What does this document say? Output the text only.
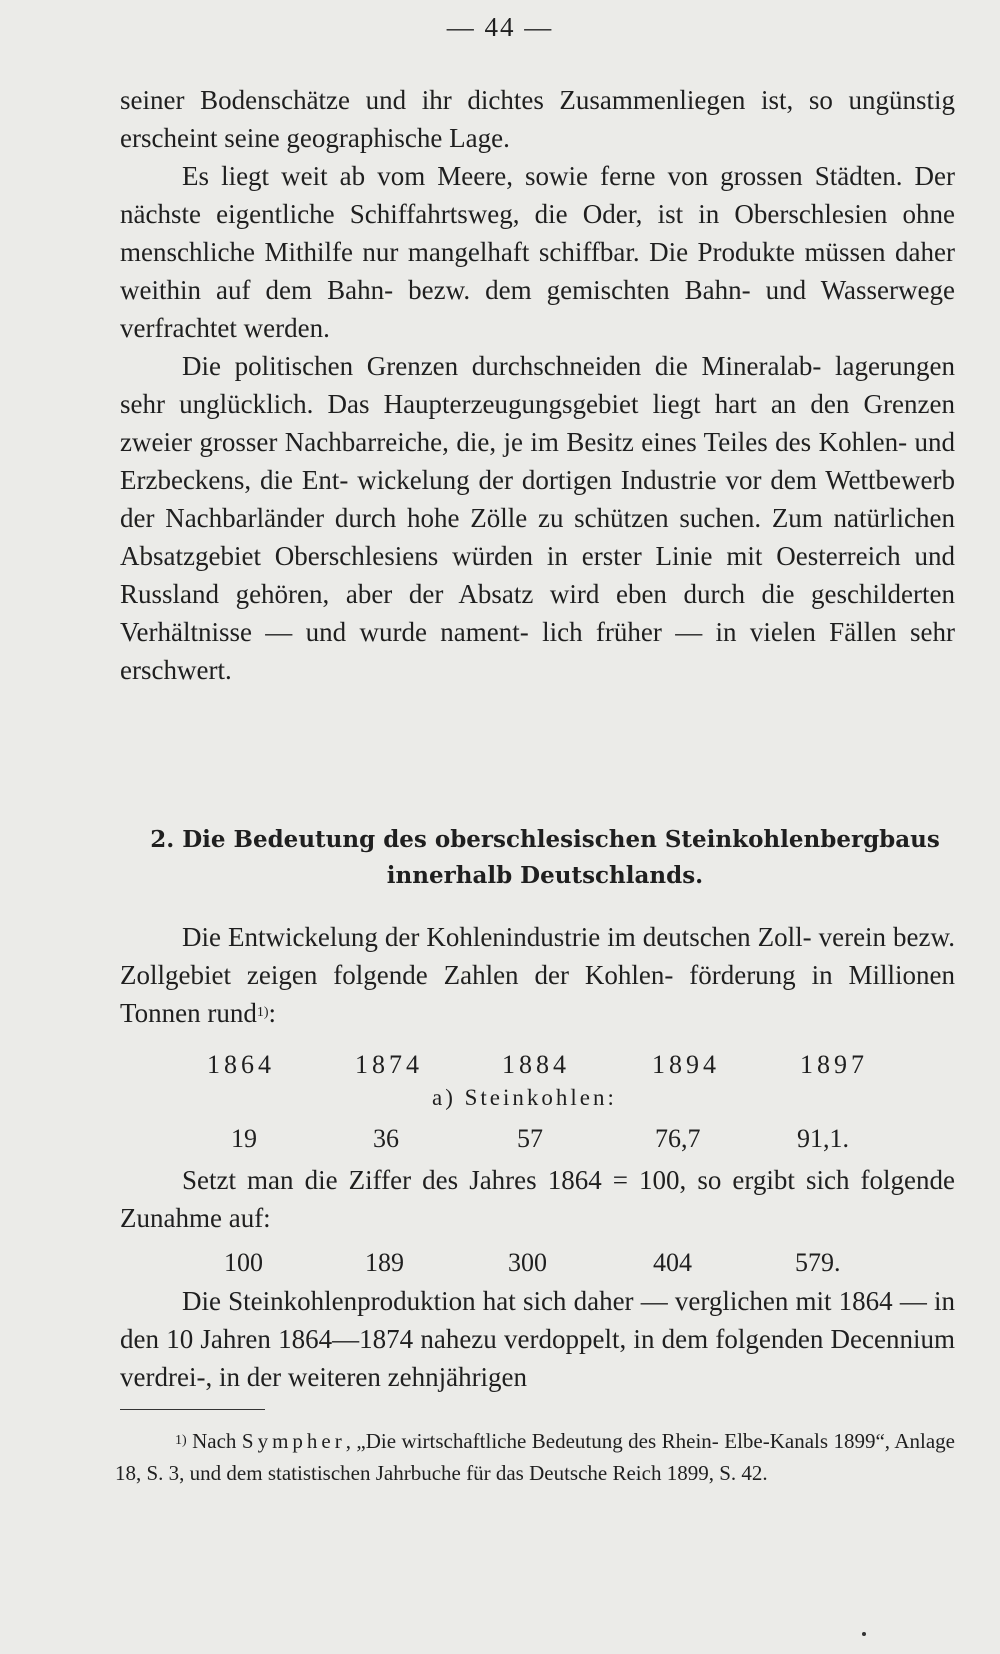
— 44 —

seiner Bodenschätze und ihr dichtes Zusammenliegen ist, so ungünstig erscheint seine geographische Lage.

Es liegt weit ab vom Meere, sowie ferne von grossen Städten. Der nächste eigentliche Schiffahrtsweg, die Oder, ist in Oberschlesien ohne menschliche Mithilfe nur mangelhaft schiffbar. Die Produkte müssen daher weithin auf dem Bahn- bezw. dem gemischten Bahn- und Wasserwege verfrachtet werden.

Die politischen Grenzen durchschneiden die Mineralab- lagerungen sehr unglücklich. Das Haupterzeugungsgebiet liegt hart an den Grenzen zweier grosser Nachbarreiche, die, je im Besitz eines Teiles des Kohlen- und Erzbeckens, die Ent- wickelung der dortigen Industrie vor dem Wettbewerb der Nachbarländer durch hohe Zölle zu schützen suchen. Zum natürlichen Absatzgebiet Oberschlesiens würden in erster Linie mit Oesterreich und Russland gehören, aber der Absatz wird eben durch die geschilderten Verhältnisse — und wurde nament- lich früher — in vielen Fällen sehr erschwert.

2. Die Bedeutung des oberschlesischen Steinkohlenbergbaus innerhalb Deutschlands.

Die Entwickelung der Kohlenindustrie im deutschen Zoll- verein bezw. Zollgebiet zeigen folgende Zahlen der Kohlen- förderung in Millionen Tonnen rund$^{1)}$:

1864	1874	1884	1894	1897
a) Steinkohlen:
19	36	57	76,7	91,1.

Setzt man die Ziffer des Jahres 1864 = 100, so ergibt sich folgende Zunahme auf:

100	189	300	404	579.

Die Steinkohlenproduktion hat sich daher — verglichen mit 1864 — in den 10 Jahren 1864—1874 nahezu verdoppelt, in dem folgenden Decennium verdrei-, in der weiteren zehnjährigen

$^{1)}$ Nach Sympher, „Die wirtschaftliche Bedeutung des Rhein- Elbe-Kanals 1899“, Anlage 18, S. 3, und dem statistischen Jahrbuche für das Deutsche Reich 1899, S. 42.
